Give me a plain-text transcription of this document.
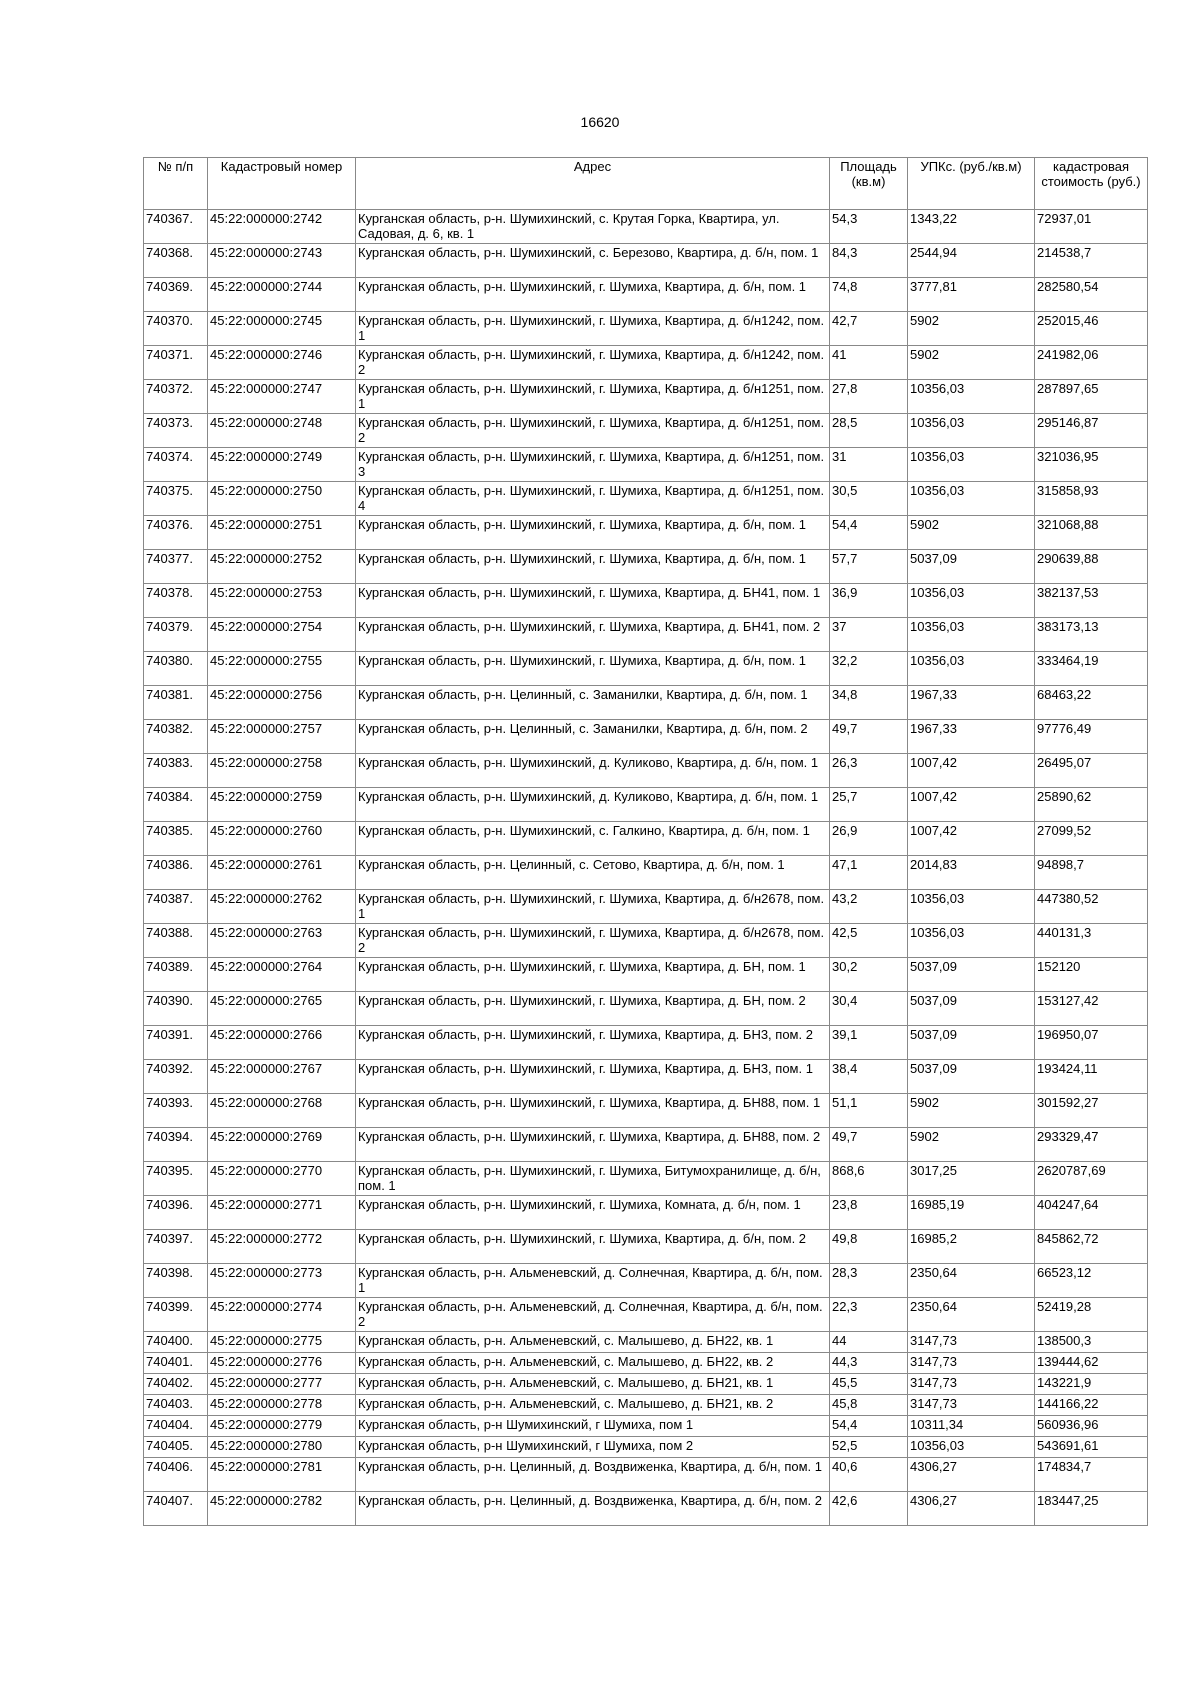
16620
№ п/п	Кадастровый номер	Адрес	Площадь (кв.м)	УПКс. (руб./кв.м)	кадастровая стоимость (руб.)
740367.	45:22:000000:2742	Курганская область, р-н. Шумихинский, с. Крутая Горка, Квартира, ул. Садовая, д. 6, кв. 1	54,3	1343,22	72937,01
740368.	45:22:000000:2743	Курганская область, р-н. Шумихинский, с. Березово, Квартира, д. б/н, пом. 1	84,3	2544,94	214538,7
740369.	45:22:000000:2744	Курганская область, р-н. Шумихинский, г. Шумиха, Квартира, д. б/н, пом. 1	74,8	3777,81	282580,54
740370.	45:22:000000:2745	Курганская область, р-н. Шумихинский, г. Шумиха, Квартира, д. б/н1242, пом. 1	42,7	5902	252015,46
740371.	45:22:000000:2746	Курганская область, р-н. Шумихинский, г. Шумиха, Квартира, д. б/н1242, пом. 2	41	5902	241982,06
740372.	45:22:000000:2747	Курганская область, р-н. Шумихинский, г. Шумиха, Квартира, д. б/н1251, пом. 1	27,8	10356,03	287897,65
740373.	45:22:000000:2748	Курганская область, р-н. Шумихинский, г. Шумиха, Квартира, д. б/н1251, пом. 2	28,5	10356,03	295146,87
740374.	45:22:000000:2749	Курганская область, р-н. Шумихинский, г. Шумиха, Квартира, д. б/н1251, пом. 3	31	10356,03	321036,95
740375.	45:22:000000:2750	Курганская область, р-н. Шумихинский, г. Шумиха, Квартира, д. б/н1251, пом. 4	30,5	10356,03	315858,93
740376.	45:22:000000:2751	Курганская область, р-н. Шумихинский, г. Шумиха, Квартира, д. б/н, пом. 1	54,4	5902	321068,88
740377.	45:22:000000:2752	Курганская область, р-н. Шумихинский, г. Шумиха, Квартира, д. б/н, пом. 1	57,7	5037,09	290639,88
740378.	45:22:000000:2753	Курганская область, р-н. Шумихинский, г. Шумиха, Квартира, д. БН41, пом. 1	36,9	10356,03	382137,53
740379.	45:22:000000:2754	Курганская область, р-н. Шумихинский, г. Шумиха, Квартира, д. БН41, пом. 2	37	10356,03	383173,13
740380.	45:22:000000:2755	Курганская область, р-н. Шумихинский, г. Шумиха, Квартира, д. б/н, пом. 1	32,2	10356,03	333464,19
740381.	45:22:000000:2756	Курганская область, р-н. Целинный, с. Заманилки, Квартира, д. б/н, пом. 1	34,8	1967,33	68463,22
740382.	45:22:000000:2757	Курганская область, р-н. Целинный, с. Заманилки, Квартира, д. б/н, пом. 2	49,7	1967,33	97776,49
740383.	45:22:000000:2758	Курганская область, р-н. Шумихинский, д. Куликово, Квартира, д. б/н, пом. 1	26,3	1007,42	26495,07
740384.	45:22:000000:2759	Курганская область, р-н. Шумихинский, д. Куликово, Квартира, д. б/н, пом. 1	25,7	1007,42	25890,62
740385.	45:22:000000:2760	Курганская область, р-н. Шумихинский, с. Галкино, Квартира, д. б/н, пом. 1	26,9	1007,42	27099,52
740386.	45:22:000000:2761	Курганская область, р-н. Целинный, с. Сетово, Квартира, д. б/н, пом. 1	47,1	2014,83	94898,7
740387.	45:22:000000:2762	Курганская область, р-н. Шумихинский, г. Шумиха, Квартира, д. б/н2678, пом. 1	43,2	10356,03	447380,52
740388.	45:22:000000:2763	Курганская область, р-н. Шумихинский, г. Шумиха, Квартира, д. б/н2678, пом. 2	42,5	10356,03	440131,3
740389.	45:22:000000:2764	Курганская область, р-н. Шумихинский, г. Шумиха, Квартира, д. БН, пом. 1	30,2	5037,09	152120
740390.	45:22:000000:2765	Курганская область, р-н. Шумихинский, г. Шумиха, Квартира, д. БН, пом. 2	30,4	5037,09	153127,42
740391.	45:22:000000:2766	Курганская область, р-н. Шумихинский, г. Шумиха, Квартира, д. БН3, пом. 2	39,1	5037,09	196950,07
740392.	45:22:000000:2767	Курганская область, р-н. Шумихинский, г. Шумиха, Квартира, д. БН3, пом. 1	38,4	5037,09	193424,11
740393.	45:22:000000:2768	Курганская область, р-н. Шумихинский, г. Шумиха, Квартира, д. БН88, пом. 1	51,1	5902	301592,27
740394.	45:22:000000:2769	Курганская область, р-н. Шумихинский, г. Шумиха, Квартира, д. БН88, пом. 2	49,7	5902	293329,47
740395.	45:22:000000:2770	Курганская область, р-н. Шумихинский, г. Шумиха, Битумохранилище, д. б/н, пом. 1	868,6	3017,25	2620787,69
740396.	45:22:000000:2771	Курганская область, р-н. Шумихинский, г. Шумиха, Комната, д. б/н, пом. 1	23,8	16985,19	404247,64
740397.	45:22:000000:2772	Курганская область, р-н. Шумихинский, г. Шумиха, Квартира, д. б/н, пом. 2	49,8	16985,2	845862,72
740398.	45:22:000000:2773	Курганская область, р-н. Альменевский, д. Солнечная, Квартира, д. б/н, пом. 1	28,3	2350,64	66523,12
740399.	45:22:000000:2774	Курганская область, р-н. Альменевский, д. Солнечная, Квартира, д. б/н, пом. 2	22,3	2350,64	52419,28
740400.	45:22:000000:2775	Курганская область, р-н. Альменевский, с. Малышево, д. БН22, кв. 1	44	3147,73	138500,3
740401.	45:22:000000:2776	Курганская область, р-н. Альменевский, с. Малышево, д. БН22, кв. 2	44,3	3147,73	139444,62
740402.	45:22:000000:2777	Курганская область, р-н. Альменевский, с. Малышево, д. БН21, кв. 1	45,5	3147,73	143221,9
740403.	45:22:000000:2778	Курганская область, р-н. Альменевский, с. Малышево, д. БН21, кв. 2	45,8	3147,73	144166,22
740404.	45:22:000000:2779	Курганская область, р-н Шумихинский, г Шумиха, пом 1	54,4	10311,34	560936,96
740405.	45:22:000000:2780	Курганская область, р-н Шумихинский, г Шумиха, пом 2	52,5	10356,03	543691,61
740406.	45:22:000000:2781	Курганская область, р-н. Целинный, д. Воздвиженка, Квартира, д. б/н, пом. 1	40,6	4306,27	174834,7
740407.	45:22:000000:2782	Курганская область, р-н. Целинный, д. Воздвиженка, Квартира, д. б/н, пом. 2	42,6	4306,27	183447,25
